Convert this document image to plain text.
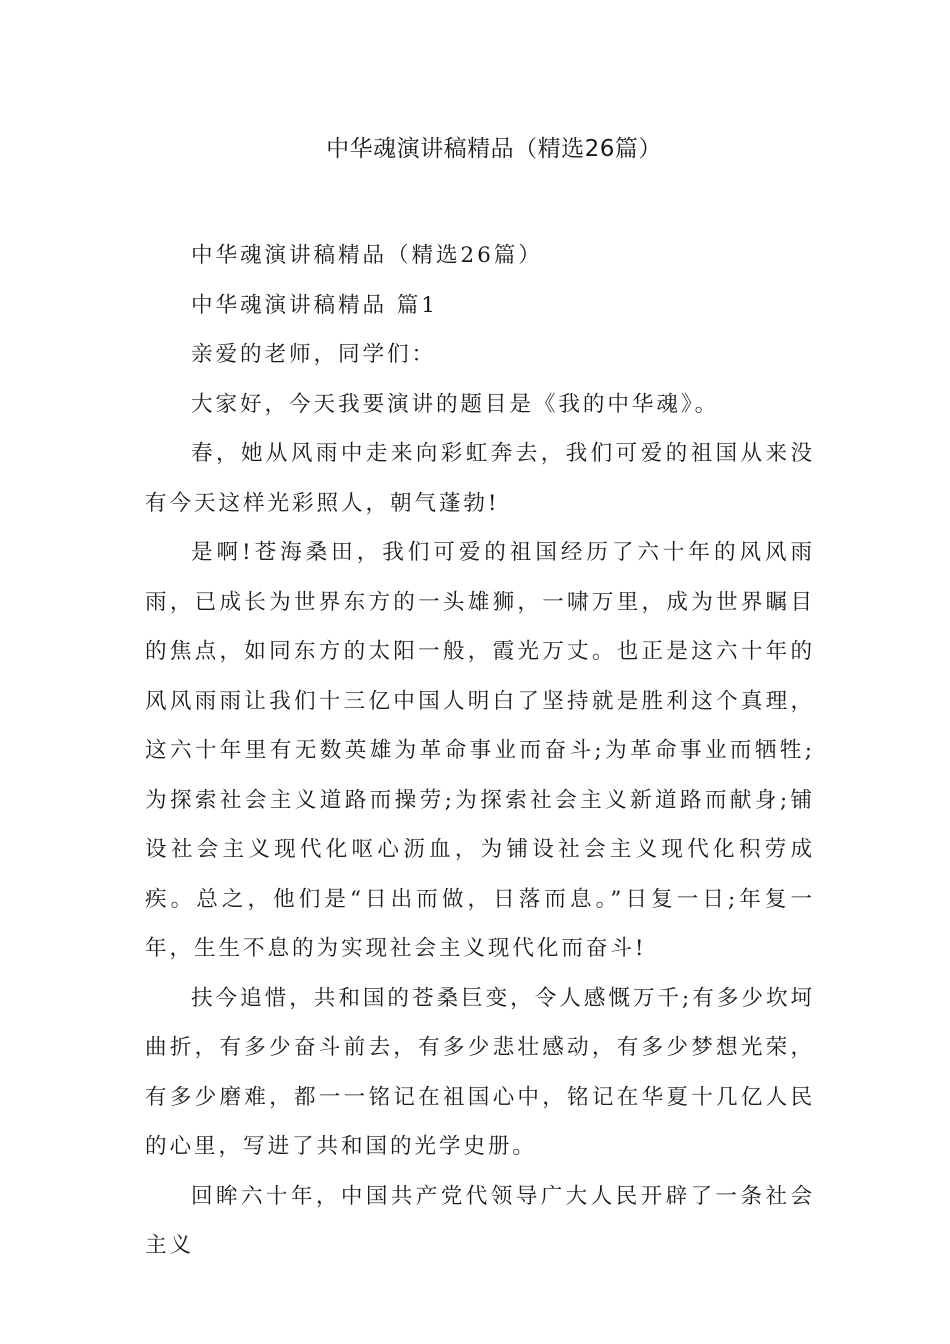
中华魂演讲稿精品（精选26篇）

中华魂演讲稿精品（精选26篇）

中华魂演讲稿精品 篇1

亲爱的老师，同学们：

大家好，今天我要演讲的题目是《我的中华魂》。

春，她从风雨中走来向彩虹奔去，我们可爱的祖国从来没有今天这样光彩照人，朝气蓬勃!

是啊!苍海桑田，我们可爱的祖国经历了六十年的风风雨雨，已成长为世界东方的一头雄狮，一啸万里，成为世界瞩目的焦点，如同东方的太阳一般，霞光万丈。也正是这六十年的风风雨雨让我们十三亿中国人明白了坚持就是胜利这个真理，这六十年里有无数英雄为革命事业而奋斗;为革命事业而牺牲;为探索社会主义道路而操劳;为探索社会主义新道路而献身;铺设社会主义现代化呕心沥血，为铺设社会主义现代化积劳成疾。总之，他们是“日出而做，日落而息。”日复一日;年复一年，生生不息的为实现社会主义现代化而奋斗!

扶今追惜，共和国的苍桑巨变，令人感慨万千;有多少坎坷曲折，有多少奋斗前去，有多少悲壮感动，有多少梦想光荣，有多少磨难，都一一铭记在祖国心中，铭记在华夏十几亿人民的心里，写进了共和国的光学史册。

回眸六十年，中国共产党代领导广大人民开辟了一条社会主义
